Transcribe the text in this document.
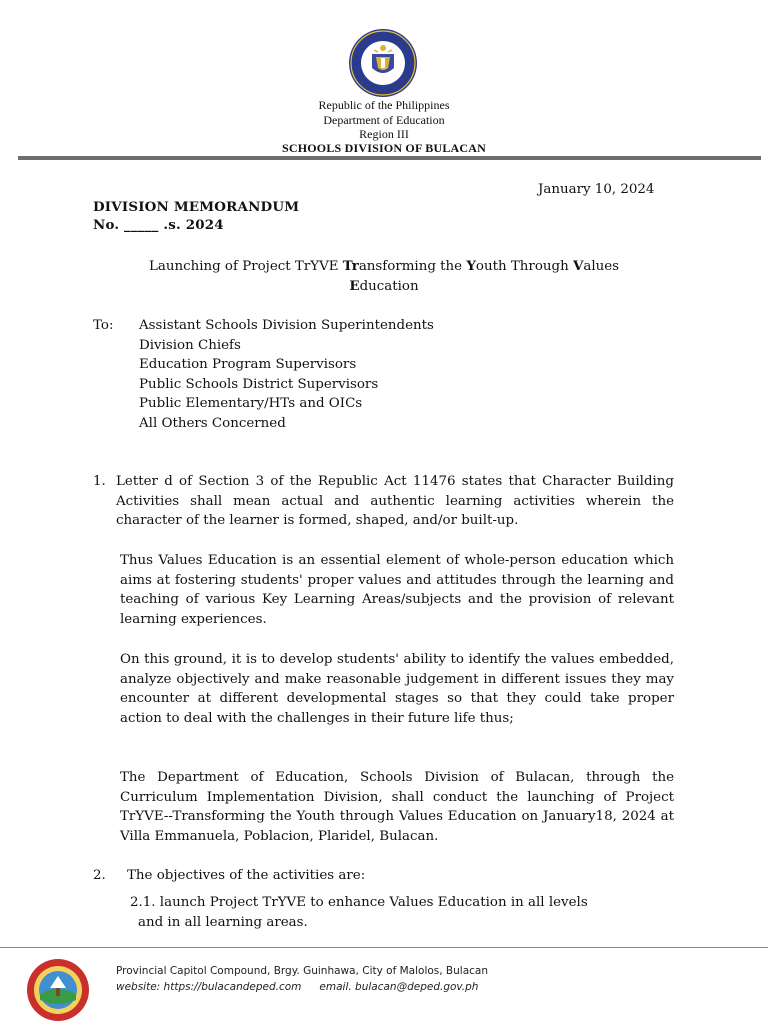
Republic of the Philippines
Department of Education
Region III
SCHOOLS DIVISION OF BULACAN
January 10, 2024
DIVISION MEMORANDUM
No. _____ .s. 2024
Launching of Project TrYVE Transforming the Youth Through Values
Education
To: Assistant Schools Division Superintendents
Division Chiefs
Education Program Supervisors
Public Schools District Supervisors
Public Elementary/HTs and OICs
All Others Concerned
1. Letter d of Section 3 of the Republic Act 11476 states that Character Building Activities shall mean actual and authentic learning activities wherein the character of the learner is formed, shaped, and/or built-up.
Thus Values Education is an essential element of whole-person education which aims at fostering students' proper values and attitudes through the learning and teaching of various Key Learning Areas/subjects and the provision of relevant learning experiences.
On this ground, it is to develop students' ability to identify the values embedded, analyze objectively and make reasonable judgement in different issues they may encounter at different developmental stages so that they could take proper action to deal with the challenges in their future life thus;
The Department of Education, Schools Division of Bulacan, through the Curriculum Implementation Division, shall conduct the launching of Project TrYVE--Transforming the Youth through Values Education on January18, 2024 at Villa Emmanuela, Poblacion, Plaridel, Bulacan.
2. The objectives of the activities are:
2.1. launch Project TrYVE to enhance Values Education in all levels
and in all learning areas.
Provincial Capitol Compound, Brgy. Guinhawa, City of Malolos, Bulacan
website: https://bulacandeped.com email. bulacan@deped.gov.ph
